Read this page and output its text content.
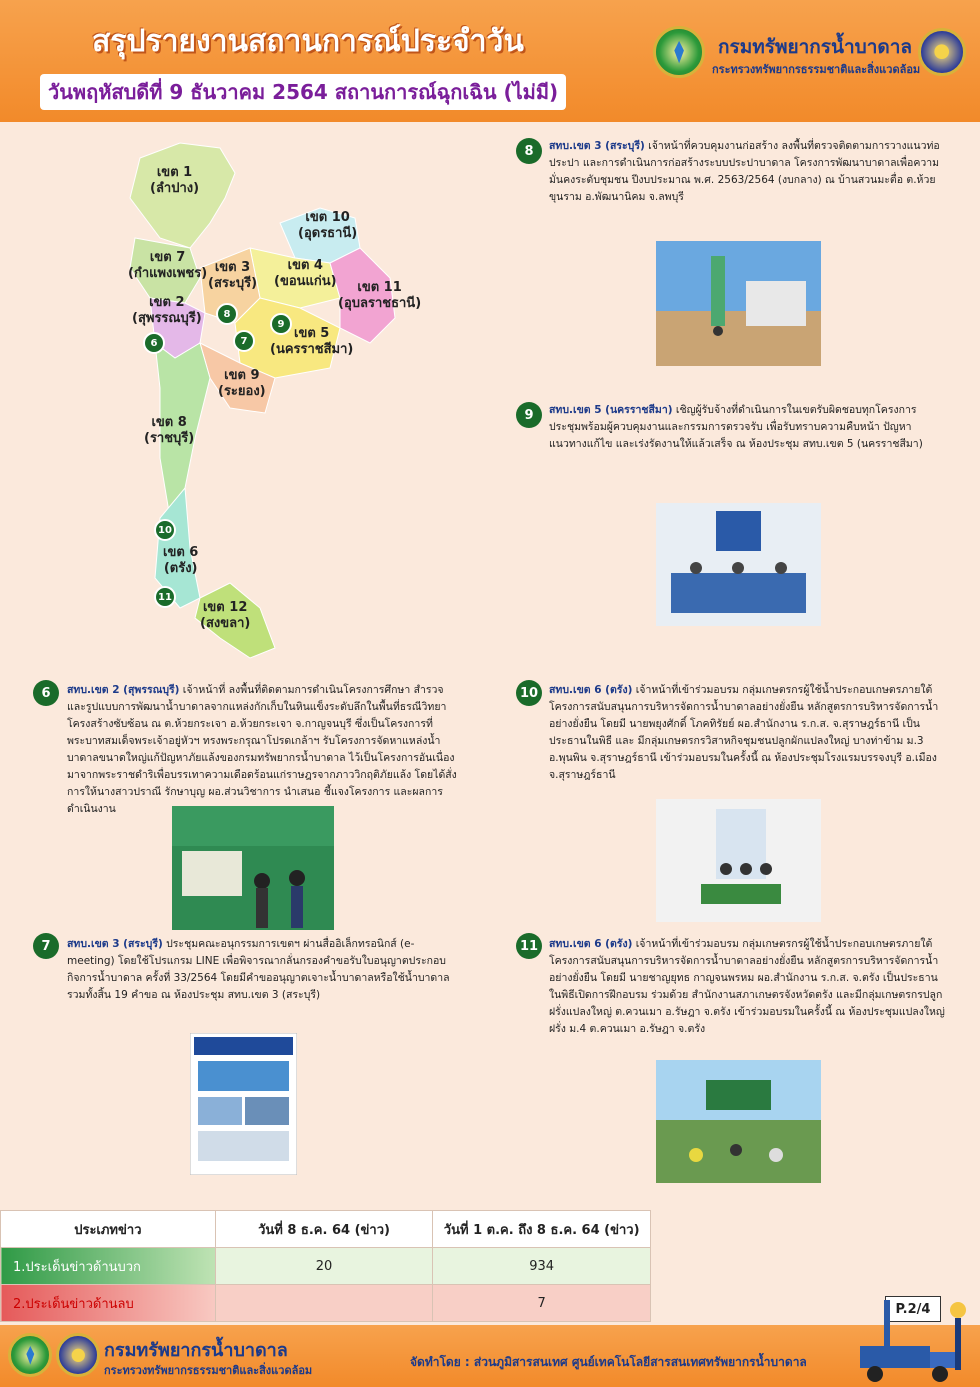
สรุปรายงานสถานการณ์ประจำวัน
วันพฤหัสบดีที่ 9 ธันวาคม 2564 สถานการณ์ฉุกเฉิน (ไม่มี)
กรมทรัพยากรน้ำบาดาล
กระทรวงทรัพยากรธรรมชาติและสิ่งแวดล้อม
เขต 1
(ลำปาง)
เขต 10
(อุดรธานี)
เขต 7
(กำแพงเพชร) เขต 3
(สระบุรี)
เขต 4
(ขอนแก่น)	เขต 11
(อุบลราชธานี)
เขต 2
(สุพรรณบุรี)
เขต 5
(นครราชสีมา)
เขต 9
(ระยอง)
เขต 8
(ราชบุรี)
เขต 6
(ตรัง)
เขต 12
(สงขลา)
6	7
8
9
10
11
8	สทบ.เขต 3 (สระบุรี) เจ้าหน้าที่ควบคุมงานก่อสร้าง ลงพื้นที่ตรวจติดตามการวางแนวท่อประปา และการดำเนินการก่อสร้างระบบประปาบาดาล โครงการพัฒนาบาดาลเพื่อความมั่นคงระดับชุมชน ปีงบประมาณ พ.ศ. 2563/2564 (งบกลาง) ณ บ้านสวนมะตื่อ ต.ห้วยขุนราม อ.พัฒนานิคม จ.ลพบุรี
9	สทบ.เขต 5 (นครราชสีมา) เชิญผู้รับจ้างที่ดำเนินการในเขตรับผิดชอบทุกโครงการ ประชุมพร้อมผู้ควบคุมงานและกรรมการตรวจรับ เพื่อรับทราบความคืบหน้า ปัญหาแนวทางแก้ไข และเร่งรัดงานให้แล้วเสร็จ ณ ห้องประชุม สทบ.เขต 5 (นครราชสีมา)
6	สทบ.เขต 2 (สุพรรณบุรี) เจ้าหน้าที่ ลงพื้นที่ติดตามการดำเนินโครงการศึกษา สำรวจและรูปแบบการพัฒนาน้ำบาดาลจากแหล่งกักเก็บในหินแข็งระดับลึกในพื้นที่ธรณีวิทยาโครงสร้างซับซ้อน ณ ต.ห้วยกระเจา อ.ห้วยกระเจา จ.กาญจนบุรี ซึ่งเป็นโครงการที่พระบาทสมเด็จพระเจ้าอยู่หัวฯ ทรงพระกรุณาโปรดเกล้าฯ รับโครงการจัดหาแหล่งน้ำบาดาลขนาดใหญ่แก้ปัญหาภัยแล้งของกรมทรัพยากรน้ำบาดาล ไว้เป็นโครงการอันเนื่องมาจากพระราชดำริเพื่อบรรเทาความเดือดร้อนแก่ราษฎรจากภาววิกฤติภัยแล้ง โดยได้สั่งการให้นางสาวปราณี รักษาบุญ ผอ.ส่วนวิชาการ นำเสนอ ชี้แจงโครงการ และผลการดำเนินงาน
10	สทบ.เขต 6 (ตรัง) เจ้าหน้าที่เข้าร่วมอบรม กลุ่มเกษตรกรผู้ใช้น้ำประกอบเกษตรภายใต้โครงการสนับสนุนการบริหารจัดการน้ำบาดาลอย่างยั่งยืน หลักสูตรการบริหารจัดการน้ำอย่างยั่งยืน โดยมี นายพยุงศักดิ์ โภคทิรัยย์ ผอ.สำนักงาน ร.ก.ส. จ.สุราษฎร์ธานี เป็นประธานในพิธี และ มีกลุ่มเกษตรกรวิสาหกิจชุมชนปลูกผักแปลงใหญ่ บางท่าข้าม ม.3 อ.พุนพิน จ.สุราษฎร์ธานี เข้าร่วมอบรมในครั้งนี้ ณ ห้องประชุมโรงแรมบรรจงบุรี อ.เมือง จ.สุราษฎร์ธานี
7	สทบ.เขต 3 (สระบุรี) ประชุมคณะอนุกรรมการเขตฯ ผ่านสื่ออิเล็กทรอนิกส์ (e-meeting) โดยใช้โปรแกรม LINE เพื่อพิจารณากลั่นกรองคำขอรับใบอนุญาตประกอบกิจการน้ำบาดาล ครั้งที่ 33/2564 โดยมีคำขออนุญาตเจาะน้ำบาดาลหรือใช้น้ำบาดาล รวมทั้งสิ้น 19 คำขอ ณ ห้องประชุม สทบ.เขต 3 (สระบุรี)
11	สทบ.เขต 6 (ตรัง) เจ้าหน้าที่เข้าร่วมอบรม กลุ่มเกษตรกรผู้ใช้น้ำประกอบเกษตรภายใต้โครงการสนับสนุนการบริหารจัดการน้ำบาดาลอย่างยั่งยืน หลักสูตรการบริหารจัดการน้ำอย่างยั่งยืน โดยมี นายชาญยุทธ กาญจนพรหม ผอ.สำนักงาน ร.ก.ส. จ.ตรัง เป็นประธานในพิธีเปิดการฝึกอบรม ร่วมด้วย สำนักงานสภาเกษตรจังหวัดตรัง และมีกลุ่มเกษตรกรปลูกฝรั่งแปลงใหญ่ ต.ควนเมา อ.รัษฎา จ.ตรัง เข้าร่วมอบรมในครั้งนี้ ณ ห้องประชุมแปลงใหญ่ฝรั่ง ม.4 ต.ควนเมา อ.รัษฎา จ.ตรัง
ประเภทข่าว	วันที่ 8 ธ.ค. 64 (ข่าว)	วันที่ 1 ต.ค. ถึง 8 ธ.ค. 64 (ข่าว)
1.ประเด็นข่าวด้านบวก	20	934
2.ประเด็นข่าวด้านลบ		7	P.2/4
กรมทรัพยากรน้ำบาดาล
กระทรวงทรัพยากรธรรมชาติและสิ่งแวดล้อม
จัดทำโดย : ส่วนภูมิสารสนเทศ ศูนย์เทคโนโลยีสารสนเทศทรัพยากรน้ำบาดาล
